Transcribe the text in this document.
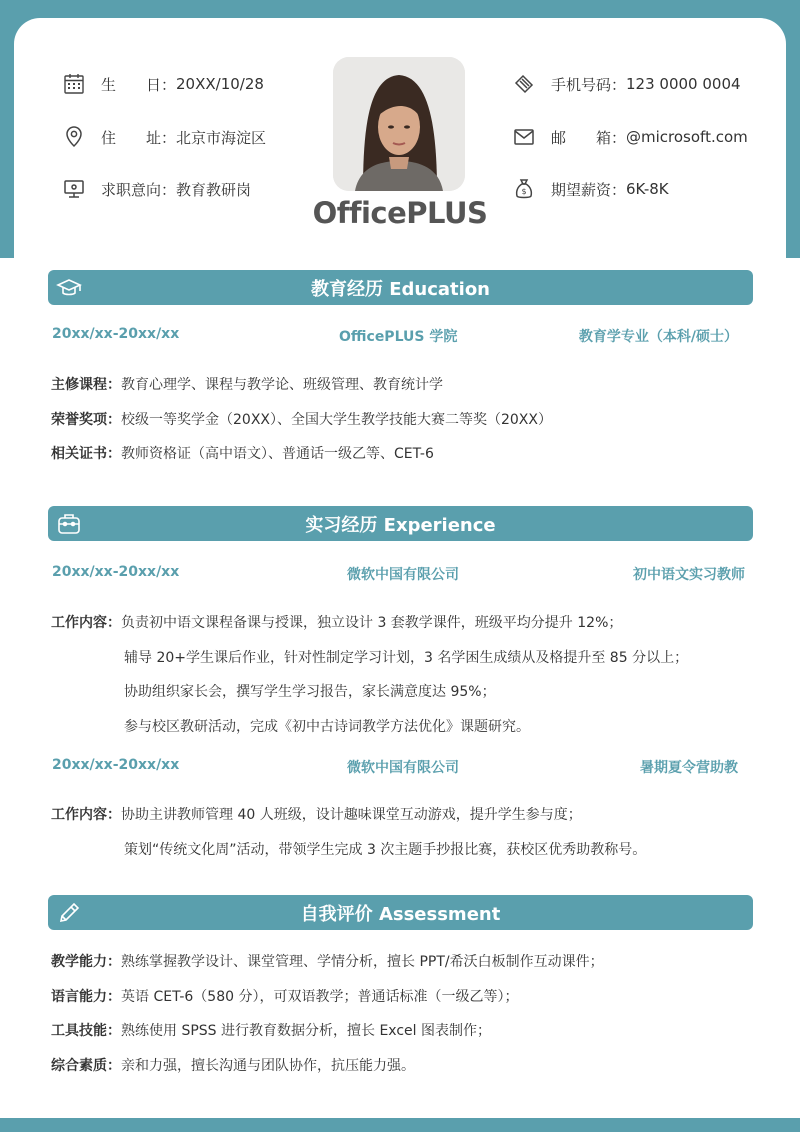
生　　日： 20XX/10/28
住　　址： 北京市海淀区
求职意向： 教育教研岗
OfficePLUS
手机号码： 123 0000 0004
邮　　箱： @microsoft.com
$ 期望薪资： 6K-8K
教育经历 Education
20xx/xx-20xx/xx	OfficePLUS 学院	教育学专业（本科/硕士）
主修课程：教育心理学、课程与教学论、班级管理、教育统计学
荣誉奖项：校级一等奖学金（20XX）、全国大学生教学技能大赛二等奖（20XX）
相关证书：教师资格证（高中语文）、普通话一级乙等、CET-6
实习经历 Experience
20xx/xx-20xx/xx	微软中国有限公司	初中语文实习教师
工作内容：负责初中语文课程备课与授课，独立设计 3 套教学课件，班级平均分提升 12%；
辅导 20+学生课后作业，针对性制定学习计划，3 名学困生成绩从及格提升至 85 分以上；
协助组织家长会，撰写学生学习报告，家长满意度达 95%；
参与校区教研活动，完成《初中古诗词教学方法优化》课题研究。
20xx/xx-20xx/xx	微软中国有限公司	暑期夏令营助教
工作内容：协助主讲教师管理 40 人班级，设计趣味课堂互动游戏，提升学生参与度；
策划“传统文化周”活动，带领学生完成 3 次主题手抄报比赛，获校区优秀助教称号。
自我评价 Assessment
教学能力：熟练掌握教学设计、课堂管理、学情分析，擅长 PPT/希沃白板制作互动课件；
语言能力：英语 CET-6（580 分），可双语教学；普通话标准（一级乙等）；
工具技能：熟练使用 SPSS 进行教育数据分析，擅长 Excel 图表制作；
综合素质：亲和力强，擅长沟通与团队协作，抗压能力强。
